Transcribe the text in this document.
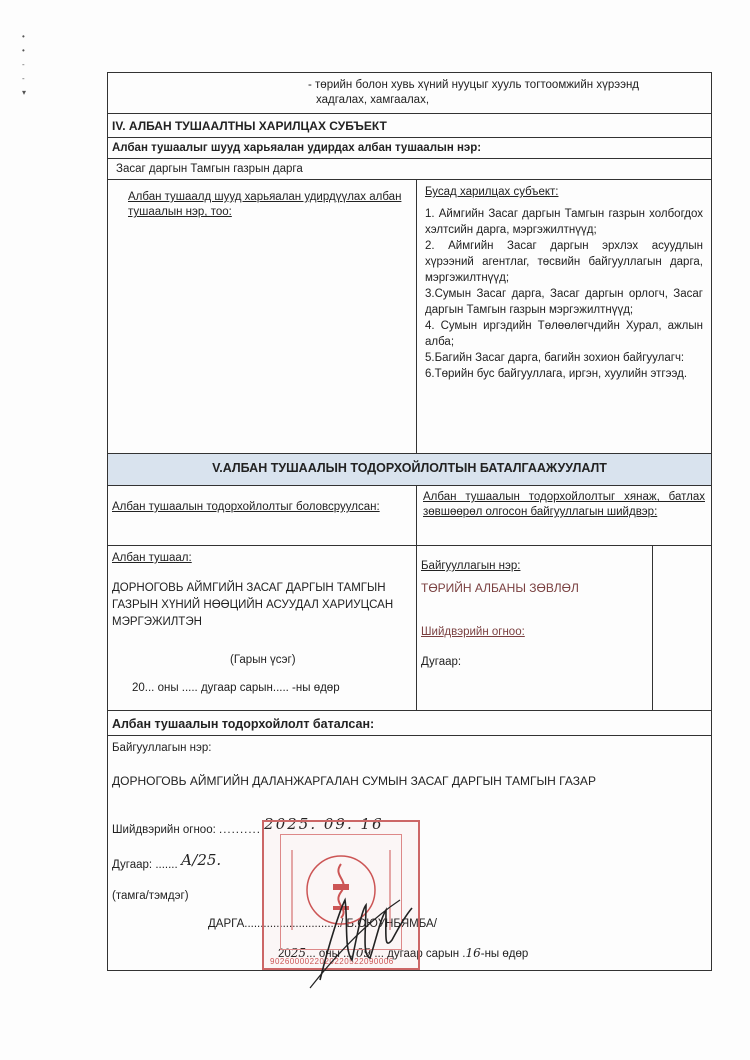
•
•
-
-
▾
- төрийн болон хувь хүний нууцыг хууль тогтоомжийн хүрээнд
хадгалах, хамгаалах,
IV. АЛБАН ТУШААЛТНЫ ХАРИЛЦАХ СУБЪЕКТ
Албан тушаалыг шууд харьяалан удирдах албан тушаалын нэр:
Засаг даргын Тамгын газрын дарга
Албан тушаалд шууд харьяалан удирдүүлах албан тушаалын нэр, тоо:
Бусад харилцах субъект:
1. Аймгийн Засаг даргын Тамгын газрын холбогдох хэлтсийн дарга, мэргэжилтнүүд;
2. Аймгийн Засаг даргын эрхлэх асуудлын хүрээний агентлаг, төсвийн байгууллагын дарга, мэргэжилтнүүд;
3.Сумын Засаг дарга, Засаг даргын орлогч, Засаг даргын Тамгын газрын мэргэжилтнүүд;
4. Сумын иргэдийн Төлөөлөгчдийн Хурал, ажлын алба;
5.Багийн Засаг дарга, багийн зохион байгуулагч:
6.Төрийн бус байгууллага, иргэн, хуулийн этгээд.
V.АЛБАН ТУШААЛЫН ТОДОРХОЙЛОЛТЫН БАТАЛГААЖУУЛАЛТ
Албан тушаалын тодорхойлолтыг боловсруулсан:
Албан тушаалын тодорхойлолтыг хянаж, батлах зөвшөөрөл олгосон байгууллагын шийдвэр:
Албан тушаал:
ДОРНОГОВЬ АЙМГИЙН ЗАСАГ ДАРГЫН ТАМГЫН ГАЗРЫН ХҮНИЙ НӨӨЦИЙН АСУУДАЛ ХАРИУЦСАН МЭРГЭЖИЛТЭН
(Гарын үсэг)
20... оны ..... дугаар сарын..... -ны өдөр
Байгууллагын нэр:
ТӨРИЙН АЛБАНЫ ЗӨВЛӨЛ
Шийдвэрийн огноо:
Дугаар:
Албан тушаалын тодорхойлолт баталсан:
Байгууллагын нэр:
ДОРНОГОВЬ АЙМГИЙН ДАЛАНЖАРГАЛАН СУМЫН ЗАСАГ ДАРГЫН ТАМГЫН ГАЗАР
Шийдвэрийн огноо: .......... 2025. 09. 16
Дугаар: ....... А/25.
(тамга/тэмдэг)
ДАРГА............................../ Б.ОЮУНБЯМБА/
2025... оны ... 09 ... дугаар сарын .16-ны өдөр
9026000022020220522090006
